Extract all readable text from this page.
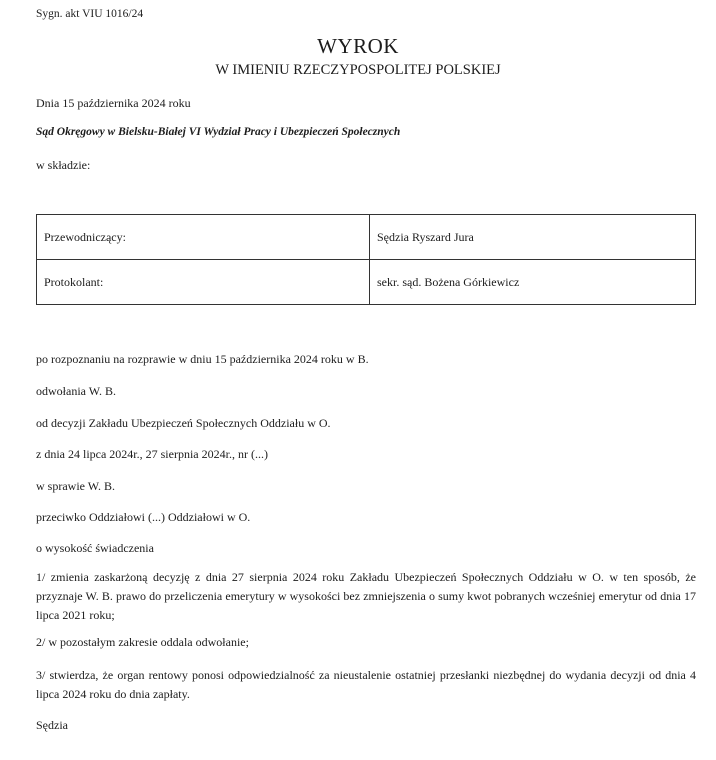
Sygn. akt VIU 1016/24
WYROK
W IMIENIU RZECZYPOSPOLITEJ POLSKIEJ
Dnia 15 października 2024 roku
Sąd Okręgowy w Bielsku-Białej VI Wydział Pracy i Ubezpieczeń Społecznych
w składzie:
Przewodniczący:	Sędzia Ryszard Jura
Protokolant:	sekr. sąd. Bożena Górkiewicz
po rozpoznaniu na rozprawie w dniu 15 października 2024 roku w B.
odwołania W. B.
od decyzji Zakładu Ubezpieczeń Społecznych Oddziału w O.
z dnia 24 lipca 2024r., 27 sierpnia 2024r., nr (...)
w sprawie W. B.
przeciwko Oddziałowi (...) Oddziałowi w O.
o wysokość świadczenia
1/ zmienia zaskarżoną decyzję z dnia 27 sierpnia 2024 roku Zakładu Ubezpieczeń Społecznych Oddziału w O. w ten sposób, że przyznaje W. B. prawo do przeliczenia emerytury w wysokości bez zmniejszenia o sumy kwot pobranych wcześniej emerytur od dnia 17 lipca 2021 roku;
2/ w pozostałym zakresie oddala odwołanie;
3/ stwierdza, że organ rentowy ponosi odpowiedzialność za nieustalenie ostatniej przesłanki niezbędnej do wydania decyzji od dnia 4 lipca 2024 roku do dnia zapłaty.
Sędzia
